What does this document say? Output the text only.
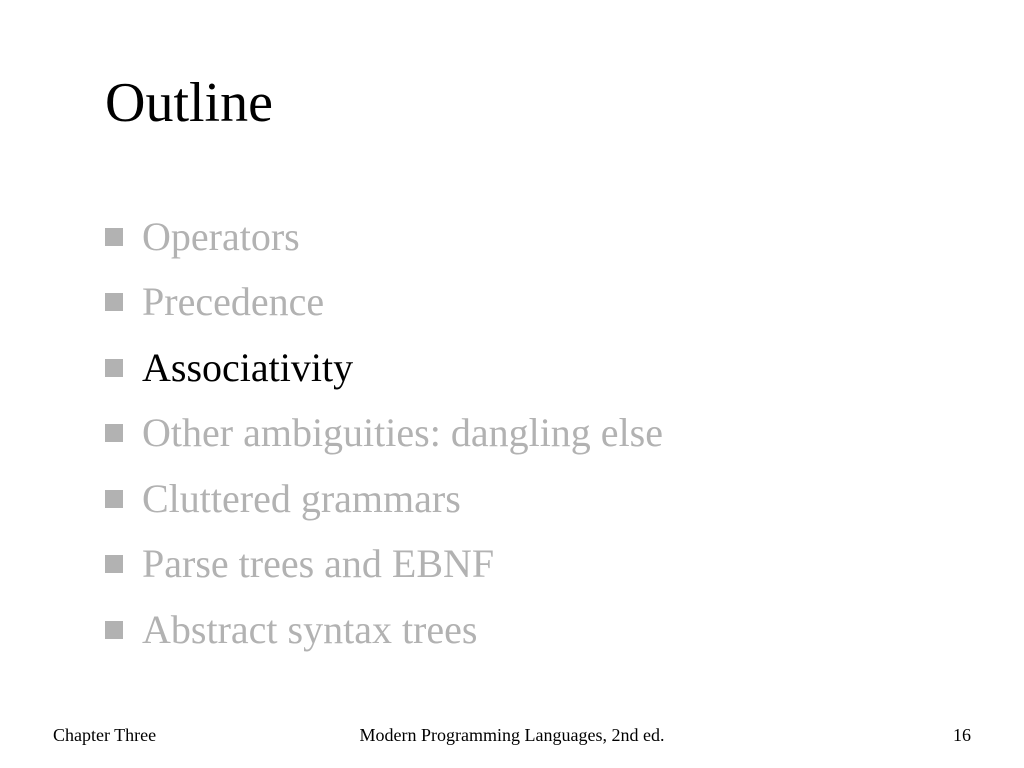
Outline
Operators
Precedence
Associativity
Other ambiguities: dangling else
Cluttered grammars
Parse trees and EBNF
Abstract syntax trees
Chapter Three	Modern Programming Languages, 2nd ed.	16
